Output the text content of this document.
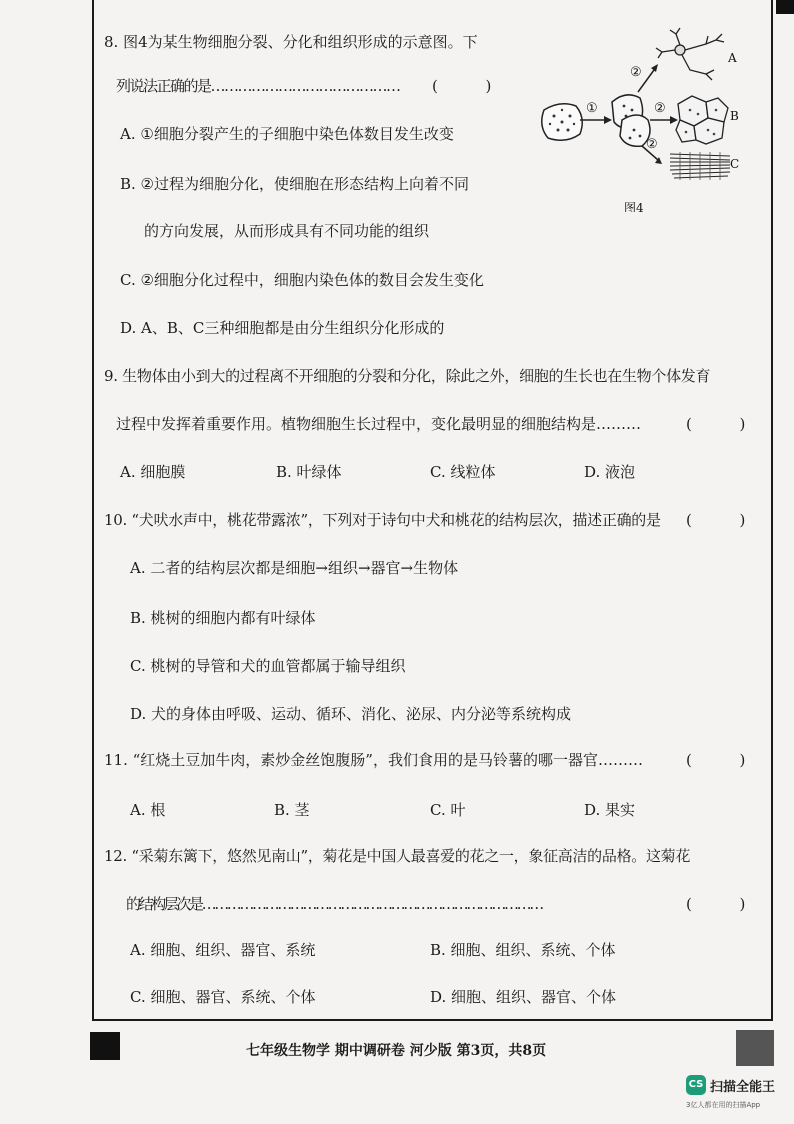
8. 图4为某生物细胞分裂、分化和组织形成的示意图。下
列说法正确的是…………………………………… (          )
A. ①细胞分裂产生的子细胞中染色体数目发生改变
B. ②过程为细胞分化，使细胞在形态结构上向着不同
的方向发展，从而形成具有不同功能的组织
C. ②细胞分化过程中，细胞内染色体的数目会发生变化
D. A、B、C三种细胞都是由分生组织分化形成的
①	②
②
②
A
B
C
图4
9. 生物体由小到大的过程离不开细胞的分裂和分化，除此之外，细胞的生长也在生物个体发育
过程中发挥着重要作用。植物细胞生长过程中，变化最明显的细胞结构是………	(          )
A. 细胞膜	B. 叶绿体	C. 线粒体	D. 液泡
10. “犬吠水声中，桃花带露浓”，下列对于诗句中犬和桃花的结构层次，描述正确的是 (          )
A. 二者的结构层次都是细胞→组织→器官→生物体
B. 桃树的细胞内都有叶绿体
C. 桃树的导管和犬的血管都属于输导组织
D. 犬的身体由呼吸、运动、循环、消化、泌尿、内分泌等系统构成
11. “红烧土豆加牛肉，素炒金丝饱腹肠”，我们食用的是马铃薯的哪一器官………	(          )
A. 根	B. 茎	C. 叶	D. 果实
12. “采菊东篱下，悠然见南山”，菊花是中国人最喜爱的花之一，象征高洁的品格。这菊花
的结构层次是………………………………………………………………………	(          )
A. 细胞、组织、器官、系统	B. 细胞、组织、系统、个体
C. 细胞、器官、系统、个体	D. 细胞、组织、器官、个体
七年级生物学 期中调研卷 河少版 第3页，共8页
CS 扫描全能王
3亿人都在用的扫描App
